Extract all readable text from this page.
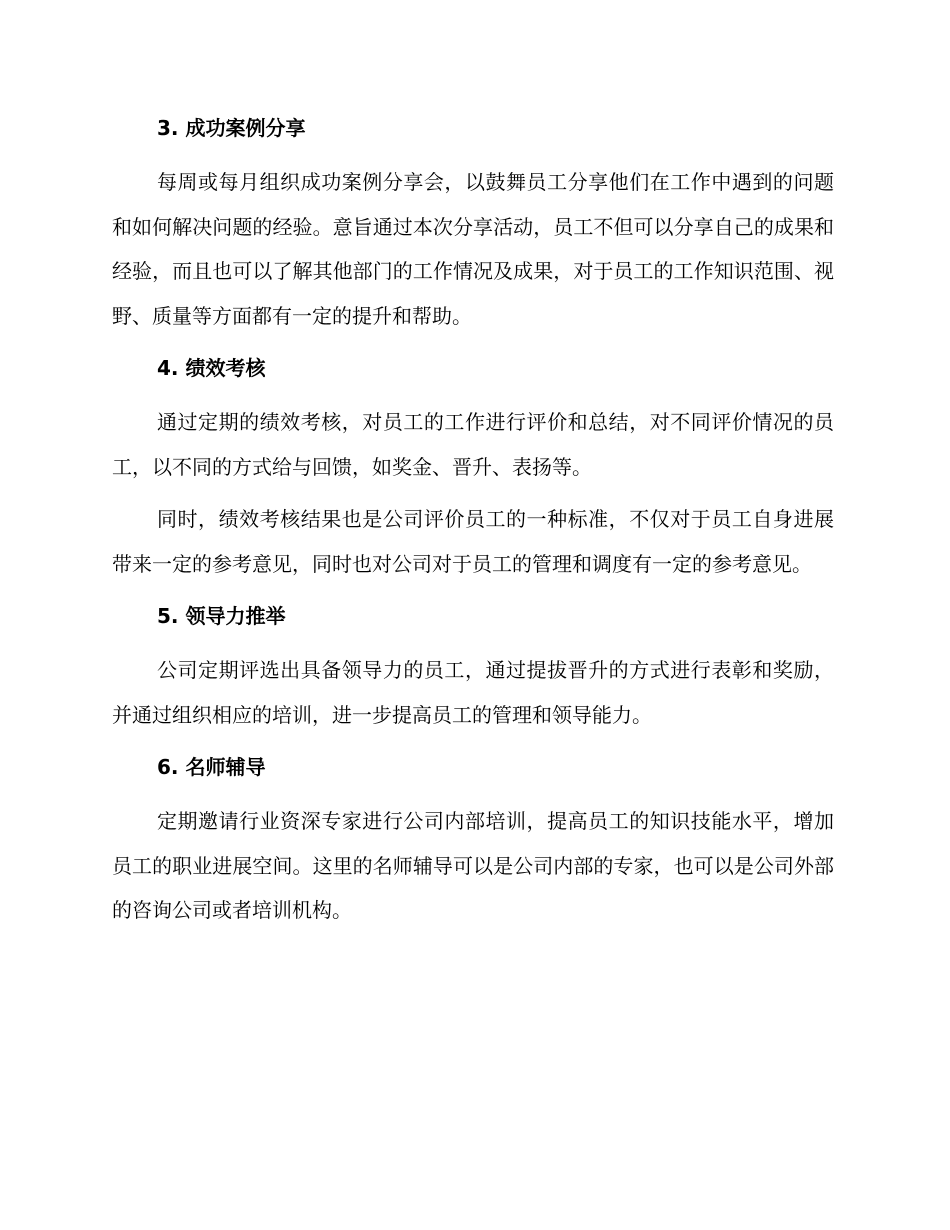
3. 成功案例分享

每周或每月组织成功案例分享会，以鼓舞员工分享他们在工作中遇到的问题和如何解决问题的经验。意旨通过本次分享活动，员工不但可以分享自己的成果和经验，而且也可以了解其他部门的工作情况及成果，对于员工的工作知识范围、视野、质量等方面都有一定的提升和帮助。

4. 绩效考核

通过定期的绩效考核，对员工的工作进行评价和总结，对不同评价情况的员工，以不同的方式给与回馈，如奖金、晋升、表扬等。

同时，绩效考核结果也是公司评价员工的一种标准，不仅对于员工自身进展带来一定的参考意见，同时也对公司对于员工的管理和调度有一定的参考意见。

5. 领导力推举

公司定期评选出具备领导力的员工，通过提拔晋升的方式进行表彰和奖励，并通过组织相应的培训，进一步提高员工的管理和领导能力。

6. 名师辅导

定期邀请行业资深专家进行公司内部培训，提高员工的知识技能水平，增加员工的职业进展空间。这里的名师辅导可以是公司内部的专家，也可以是公司外部的咨询公司或者培训机构。
